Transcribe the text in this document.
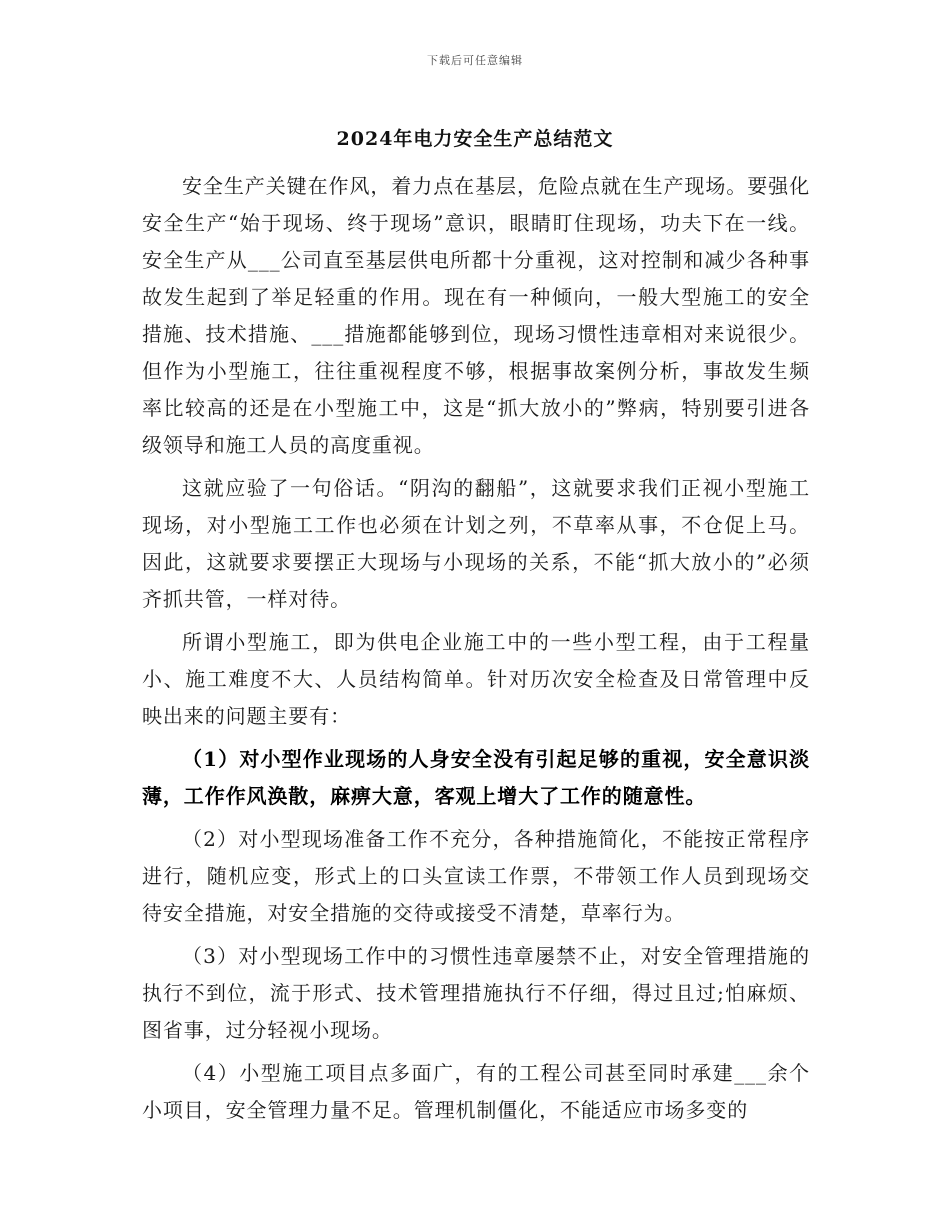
下载后可任意编辑
2024年电力安全生产总结范文

安全生产关键在作风，着力点在基层，危险点就在生产现场。要强化安全生产“始于现场、终于现场”意识，眼睛盯住现场，功夫下在一线。安全生产从___公司直至基层供电所都十分重视，这对控制和减少各种事故发生起到了举足轻重的作用。现在有一种倾向，一般大型施工的安全措施、技术措施、___措施都能够到位，现场习惯性违章相对来说很少。但作为小型施工，往往重视程度不够，根据事故案例分析，事故发生频率比较高的还是在小型施工中，这是“抓大放小的”弊病，特别要引进各级领导和施工人员的高度重视。

这就应验了一句俗话。“阴沟的翻船”，这就要求我们正视小型施工现场，对小型施工工作也必须在计划之列，不草率从事，不仓促上马。因此，这就要求要摆正大现场与小现场的关系，不能“抓大放小的”必须齐抓共管，一样对待。

所谓小型施工，即为供电企业施工中的一些小型工程，由于工程量小、施工难度不大、人员结构简单。针对历次安全检查及日常管理中反映出来的问题主要有：

（1）对小型作业现场的人身安全没有引起足够的重视，安全意识淡薄，工作作风涣散，麻痹大意，客观上增大了工作的随意性。

（2）对小型现场准备工作不充分，各种措施简化，不能按正常程序进行，随机应变，形式上的口头宣读工作票，不带领工作人员到现场交待安全措施，对安全措施的交待或接受不清楚，草率行为。

（3）对小型现场工作中的习惯性违章屡禁不止，对安全管理措施的执行不到位，流于形式、技术管理措施执行不仔细，得过且过;怕麻烦、图省事，过分轻视小现场。

（4）小型施工项目点多面广，有的工程公司甚至同时承建___余个小项目，安全管理力量不足。管理机制僵化，不能适应市场多变的
